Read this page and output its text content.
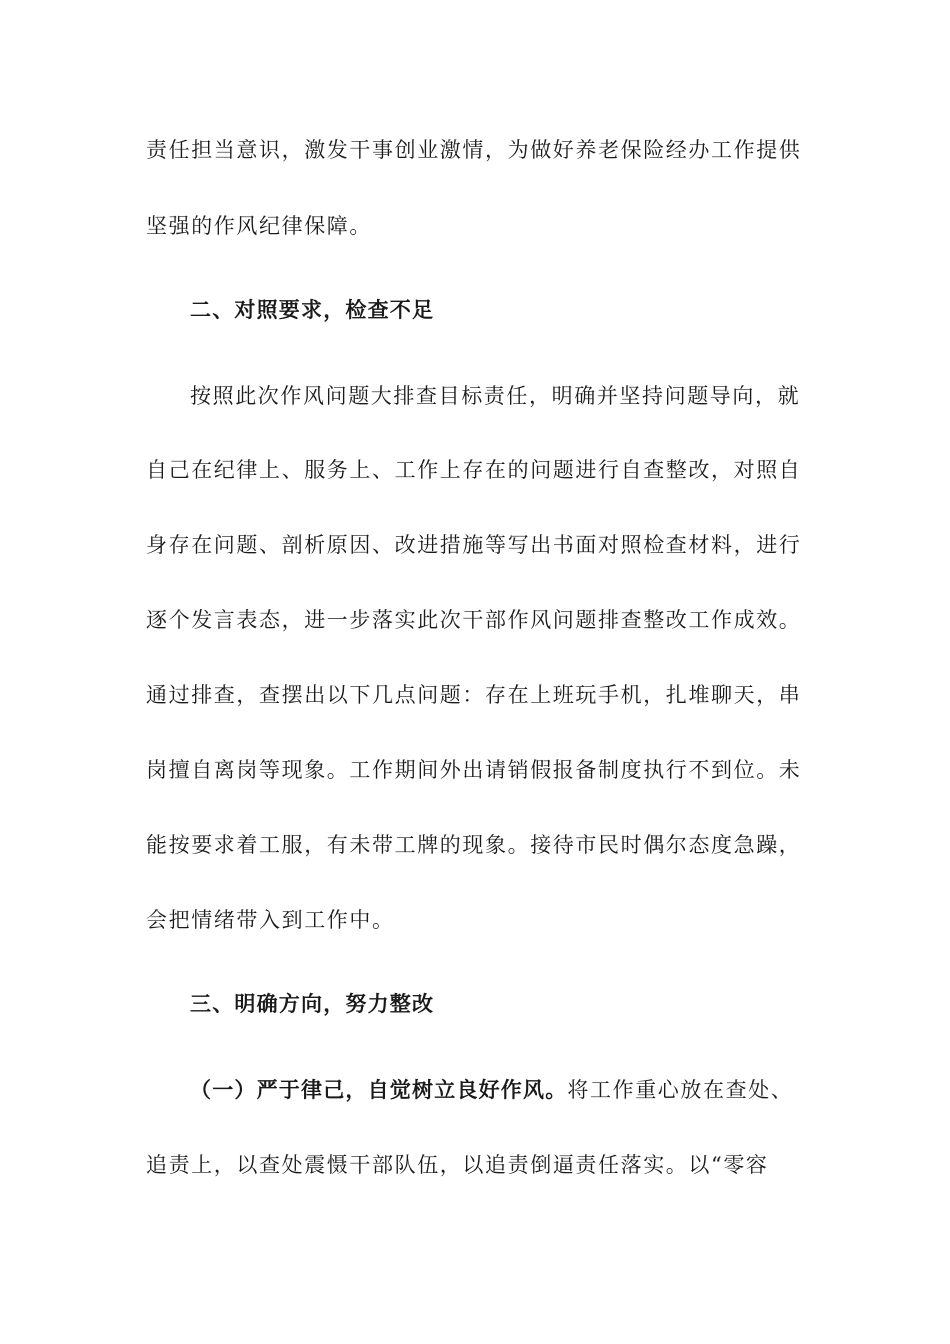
责任担当意识，激发干事创业激情，为做好养老保险经办工作提供
坚强的作风纪律保障。
二、对照要求，检查不足
按照此次作风问题大排查目标责任，明确并坚持问题导向，就
自己在纪律上、服务上、工作上存在的问题进行自查整改，对照自
身存在问题、剖析原因、改进措施等写出书面对照检查材料，进行
逐个发言表态，进一步落实此次干部作风问题排查整改工作成效。
通过排查，查摆出以下几点问题：存在上班玩手机，扎堆聊天，串
岗擅自离岗等现象。工作期间外出请销假报备制度执行不到位。未
能按要求着工服，有未带工牌的现象。接待市民时偶尔态度急躁，
会把情绪带入到工作中。
三、明确方向，努力整改
（一）严于律己，自觉树立良好作风。将工作重心放在查处、
追责上，以查处震慑干部队伍，以追责倒逼责任落实。以“零容
